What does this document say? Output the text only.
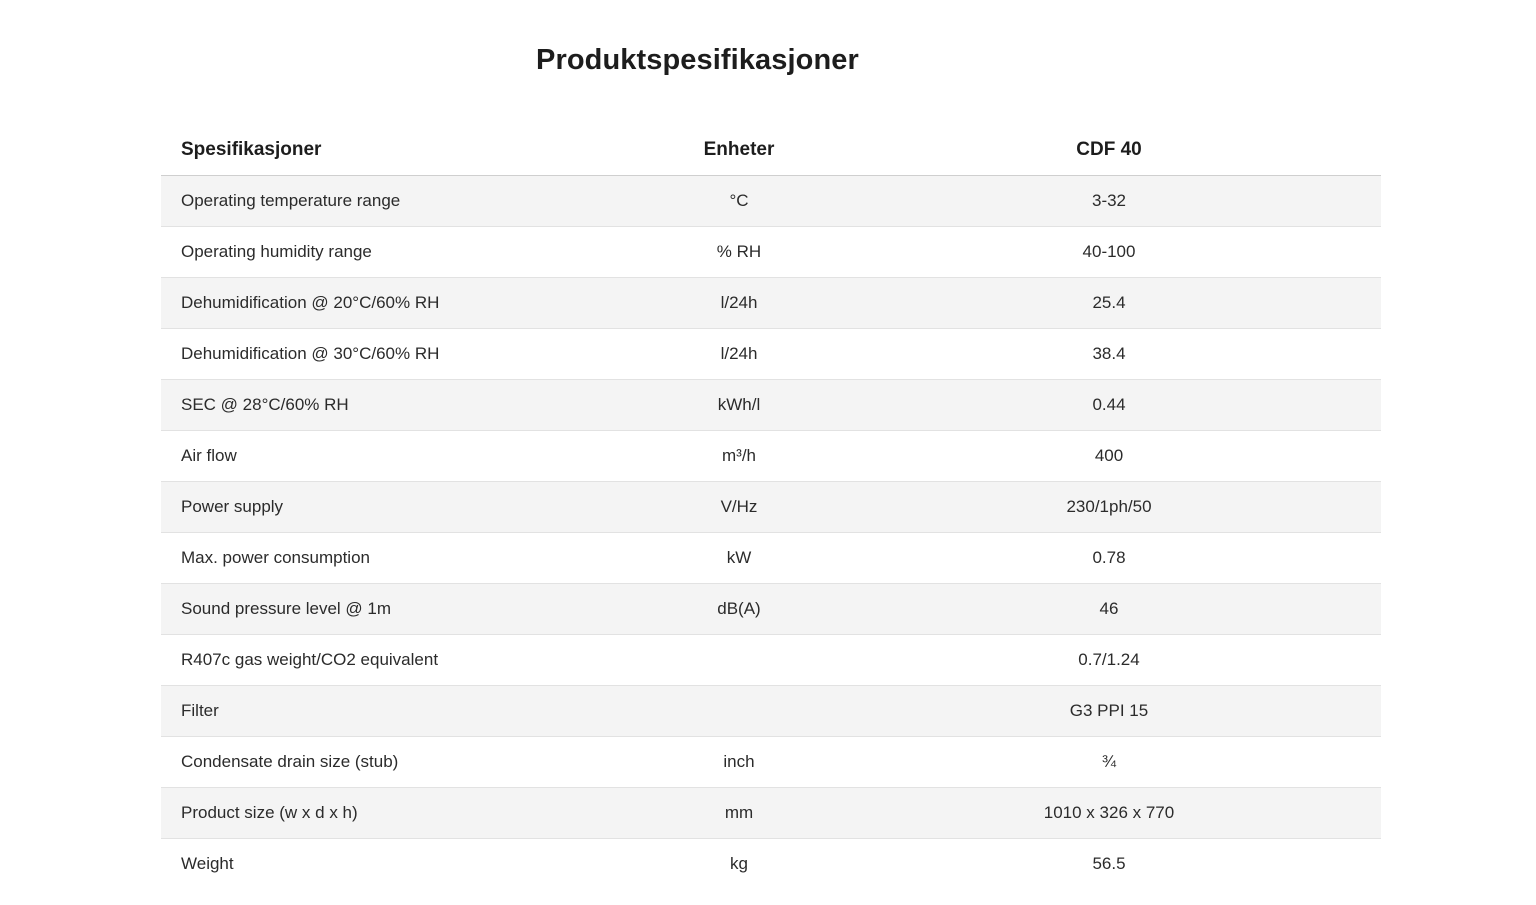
Produktspesifikasjoner
Spesifikasjoner	Enheter	CDF 40
Operating temperature range	°C	3-32
Operating humidity range	% RH	40-100
Dehumidification @ 20°C/60% RH	l/24h	25.4
Dehumidification @ 30°C/60% RH	l/24h	38.4
SEC @ 28°C/60% RH	kWh/l	0.44
Air flow	m³/h	400
Power supply	V/Hz	230/1ph/50
Max. power consumption	kW	0.78
Sound pressure level @ 1m	dB(A)	46
R407c gas weight/CO2 equivalent		0.7/1.24
Filter		G3 PPI 15
Condensate drain size (stub)	inch	¾
Product size (w x d x h)	mm	1010 x 326 x 770
Weight	kg	56.5
